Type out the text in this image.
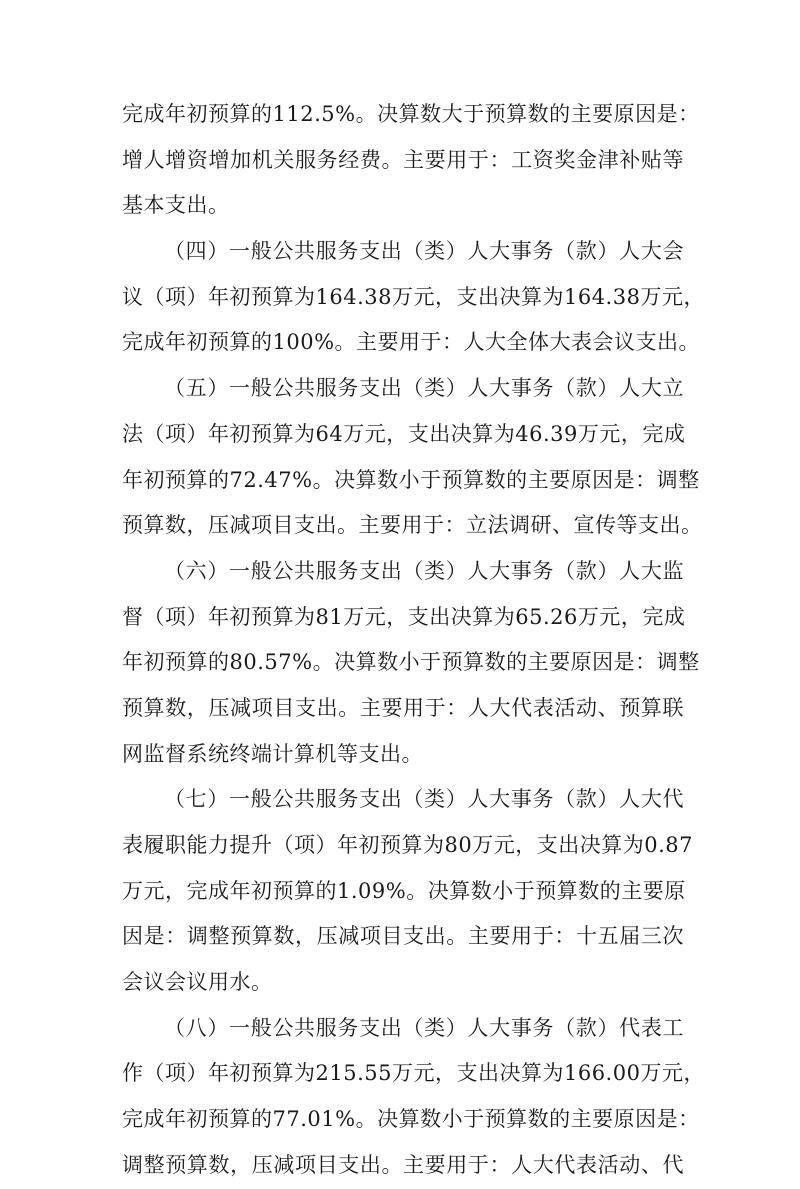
完成年初预算的112.5%。决算数大于预算数的主要原因是：
增人增资增加机关服务经费。主要用于：工资奖金津补贴等
基本支出。
（四）一般公共服务支出（类）人大事务（款）人大会
议（项）年初预算为164.38万元，支出决算为164.38万元，
完成年初预算的100%。主要用于：人大全体大表会议支出。
（五）一般公共服务支出（类）人大事务（款）人大立
法（项）年初预算为64万元，支出决算为46.39万元，完成
年初预算的72.47%。决算数小于预算数的主要原因是：调整
预算数，压减项目支出。主要用于：立法调研、宣传等支出。
（六）一般公共服务支出（类）人大事务（款）人大监
督（项）年初预算为81万元，支出决算为65.26万元，完成
年初预算的80.57%。决算数小于预算数的主要原因是：调整
预算数，压减项目支出。主要用于：人大代表活动、预算联
网监督系统终端计算机等支出。
（七）一般公共服务支出（类）人大事务（款）人大代
表履职能力提升（项）年初预算为80万元，支出决算为0.87
万元，完成年初预算的1.09%。决算数小于预算数的主要原
因是：调整预算数，压减项目支出。主要用于：十五届三次
会议会议用水。
（八）一般公共服务支出（类）人大事务（款）代表工
作（项）年初预算为215.55万元，支出决算为166.00万元，
完成年初预算的77.01%。决算数小于预算数的主要原因是：
调整预算数，压减项目支出。主要用于：人大代表活动、代
